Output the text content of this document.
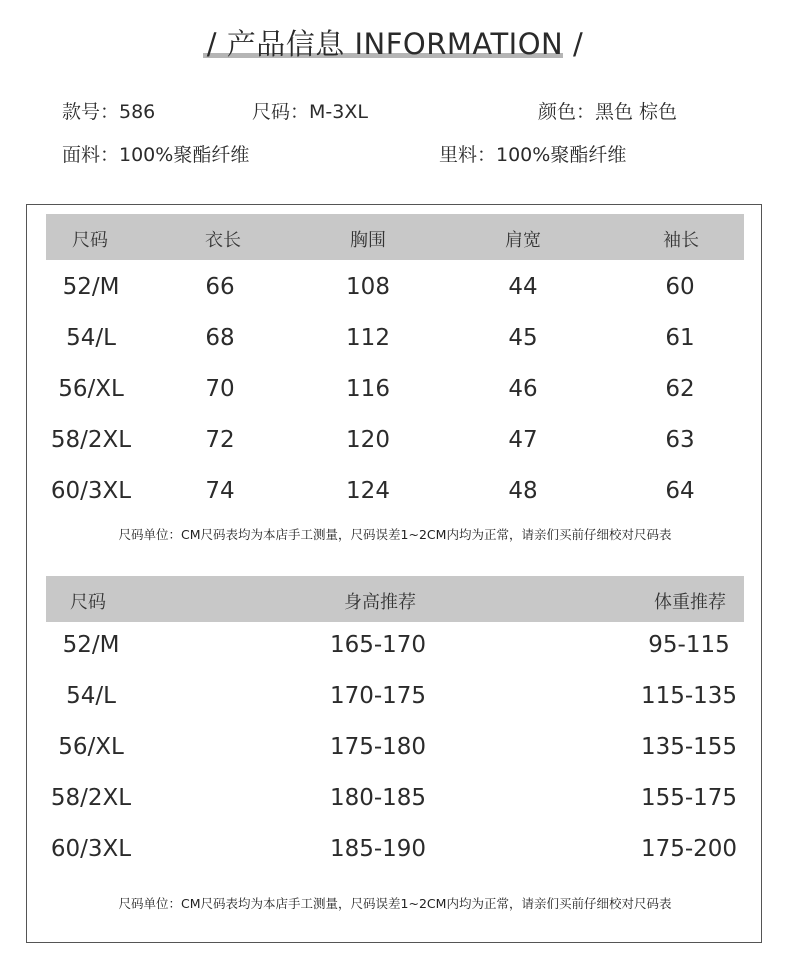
/ 产品信息 INFORMATION /
款号：586	尺码：M-3XL	颜色：黑色 棕色
面料：100%聚酯纤维	里料：100%聚酯纤维
尺码	衣长	胸围	肩宽	袖长
52/M	66	108	44	60
54/L	68	112	45	61
56/XL	70	116	46	62
58/2XL	72	120	47	63
60/3XL	74	124	48	64
尺码单位：CM尺码表均为本店手工测量，尺码误差1~2CM内均为正常，请亲们买前仔细校对尺码表
尺码	身高推荐	体重推荐
52/M	165-170	95-115
54/L	170-175	115-135
56/XL	175-180	135-155
58/2XL	180-185	155-175
60/3XL	185-190	175-200
尺码单位：CM尺码表均为本店手工测量，尺码误差1~2CM内均为正常，请亲们买前仔细校对尺码表
